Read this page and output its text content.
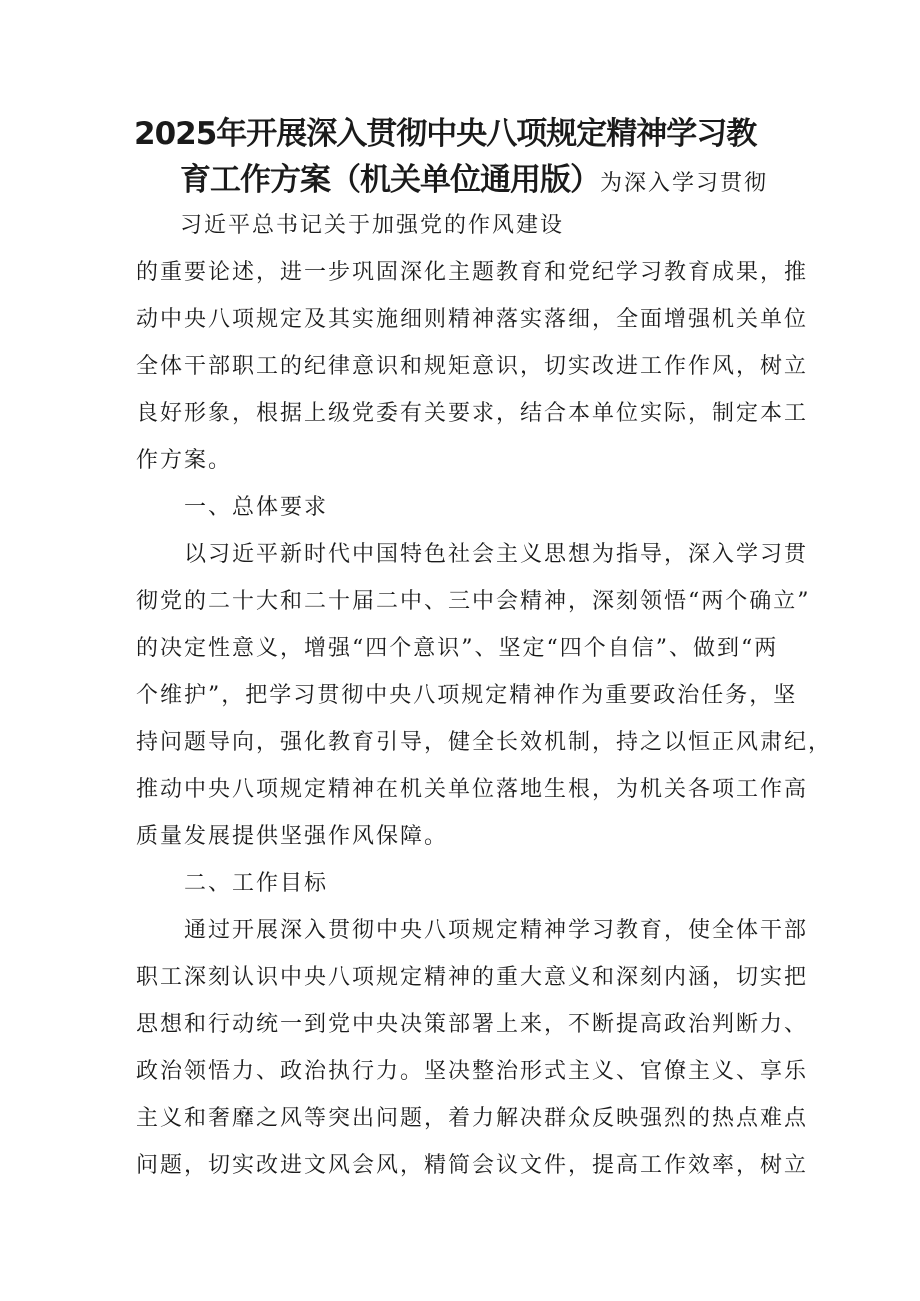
2025年开展深入贯彻中央八项规定精神学习教
育工作方案（机关单位通用版）为深入学习贯彻
习近平总书记关于加强党的作风建设
的重要论述，进一步巩固深化主题教育和党纪学习教育成果，推
动中央八项规定及其实施细则精神落实落细，全面增强机关单位
全体干部职工的纪律意识和规矩意识，切实改进工作作风，树立
良好形象，根据上级党委有关要求，结合本单位实际，制定本工
作方案。
一、总体要求
以习近平新时代中国特色社会主义思想为指导，深入学习贯
彻党的二十大和二十届二中、三中会精神，深刻领悟“两个确立”
的决定性意义，增强“四个意识”、坚定“四个自信”、做到“两
个维护”，把学习贯彻中央八项规定精神作为重要政治任务，坚
持问题导向，强化教育引导，健全长效机制，持之以恒正风肃纪，
推动中央八项规定精神在机关单位落地生根，为机关各项工作高
质量发展提供坚强作风保障。
二、工作目标
通过开展深入贯彻中央八项规定精神学习教育，使全体干部
职工深刻认识中央八项规定精神的重大意义和深刻内涵，切实把
思想和行动统一到党中央决策部署上来，不断提高政治判断力、
政治领悟力、政治执行力。坚决整治形式主义、官僚主义、享乐
主义和奢靡之风等突出问题，着力解决群众反映强烈的热点难点
问题，切实改进文风会风，精简会议文件，提高工作效率，树立
